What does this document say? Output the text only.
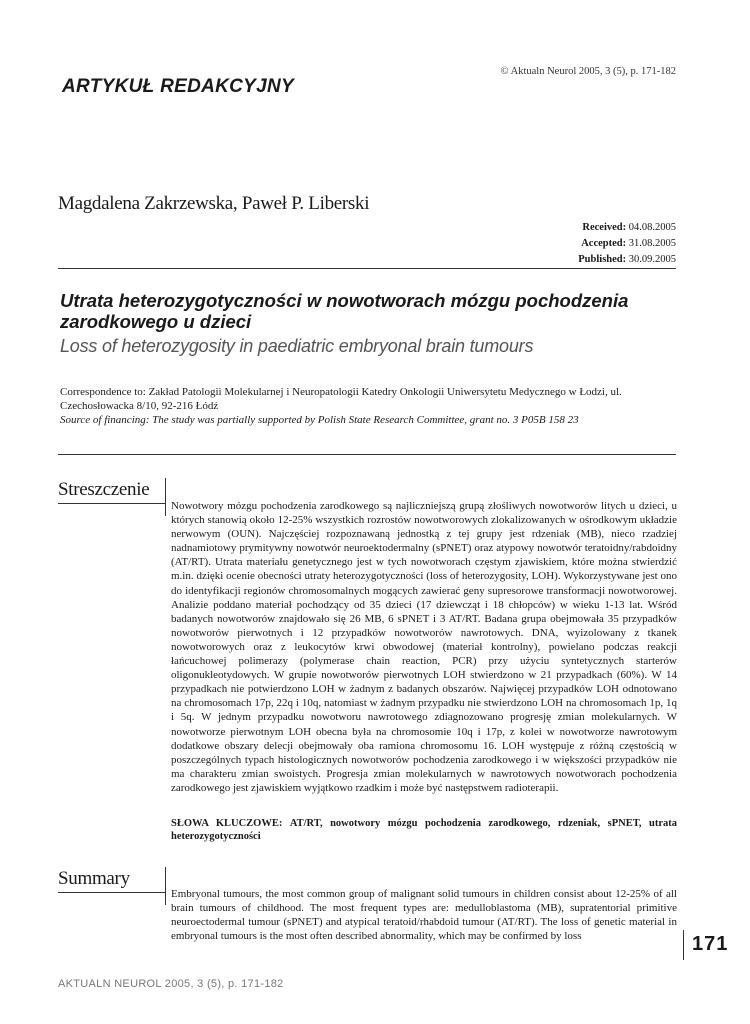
© Aktualn Neurol 2005, 3 (5), p. 171-182
ARTYKUŁ REDAKCYJNY
Magdalena Zakrzewska, Paweł P. Liberski
Received: 04.08.2005
Accepted: 31.08.2005
Published: 30.09.2005
Utrata heterozygotyczności w nowotworach mózgu pochodzenia zarodkowego u dzieci
Loss of heterozygosity in paediatric embryonal brain tumours
Correspondence to: Zakład Patologii Molekularnej i Neuropatologii Katedry Onkologii Uniwersytetu Medycznego w Łodzi, ul. Czechosłowacka 8/10, 92-216 Łódź
Source of financing: The study was partially supported by Polish State Research Committee, grant no. 3 P05B 158 23
Streszczenie
Nowotwory mózgu pochodzenia zarodkowego są najliczniejszą grupą złośliwych nowotworów litych u dzieci, u których stanowią około 12-25% wszystkich rozrostów nowotworowych zlokalizowanych w ośrodkowym układzie nerwowym (OUN). Najczęściej rozpoznawaną jednostką z tej grupy jest rdzeniak (MB), nieco rzadziej nadnamiotowy prymitywny nowotwór neuroektodermalny (sPNET) oraz atypowy nowotwór teratoidny/rabdoidny (AT/RT). Utrata materiału genetycznego jest w tych nowotworach częstym zjawiskiem, które można stwierdzić m.in. dzięki ocenie obecności utraty heterozygotyczności (loss of heterozygosity, LOH). Wykorzystywane jest ono do identyfikacji regionów chromosomalnych mogących zawierać geny supresorowe transformacji nowotworowej. Analizie poddano materiał pochodzący od 35 dzieci (17 dziewcząt i 18 chłopców) w wieku 1-13 lat. Wśród badanych nowotworów znajdowało się 26 MB, 6 sPNET i 3 AT/RT. Badana grupa obejmowała 35 przypadków nowotworów pierwotnych i 12 przypadków nowotworów nawrotowych. DNA, wyizolowany z tkanek nowotworowych oraz z leukocytów krwi obwodowej (materiał kontrolny), powielano podczas reakcji łańcuchowej polimerazy (polymerase chain reaction, PCR) przy użyciu syntetycznych starterów oligonukleotydowych. W grupie nowotworów pierwotnych LOH stwierdzono w 21 przypadkach (60%). W 14 przypadkach nie potwierdzono LOH w żadnym z badanych obszarów. Najwięcej przypadków LOH odnotowano na chromosomach 17p, 22q i 10q, natomiast w żadnym przypadku nie stwierdzono LOH na chromosomach 1p, 1q i 5q. W jednym przypadku nowotworu nawrotowego zdiagnozowano progresję zmian molekularnych. W nowotworze pierwotnym LOH obecna była na chromosomie 10q i 17p, z kolei w nowotworze nawrotowym dodatkowe obszary delecji obejmowały oba ramiona chromosomu 16. LOH występuje z różną częstością w poszczególnych typach histologicznych nowotworów pochodzenia zarodkowego i w większości przypadków nie ma charakteru zmian swoistych. Progresja zmian molekularnych w nawrotowych nowotworach pochodzenia zarodkowego jest zjawiskiem wyjątkowo rzadkim i może być następstwem radioterapii.
SŁOWA KLUCZOWE: AT/RT, nowotwory mózgu pochodzenia zarodkowego, rdzeniak, sPNET, utrata heterozygotyczności
Summary
Embryonal tumours, the most common group of malignant solid tumours in children consist about 12-25% of all brain tumours of childhood. The most frequent types are: medulloblastoma (MB), supratentorial primitive neuroectodermal tumour (sPNET) and atypical teratoid/rhabdoid tumour (AT/RT). The loss of genetic material in embryonal tumours is the most often described abnormality, which may be confirmed by loss	171
AKTUALN NEUROL 2005, 3 (5), p. 171-182
